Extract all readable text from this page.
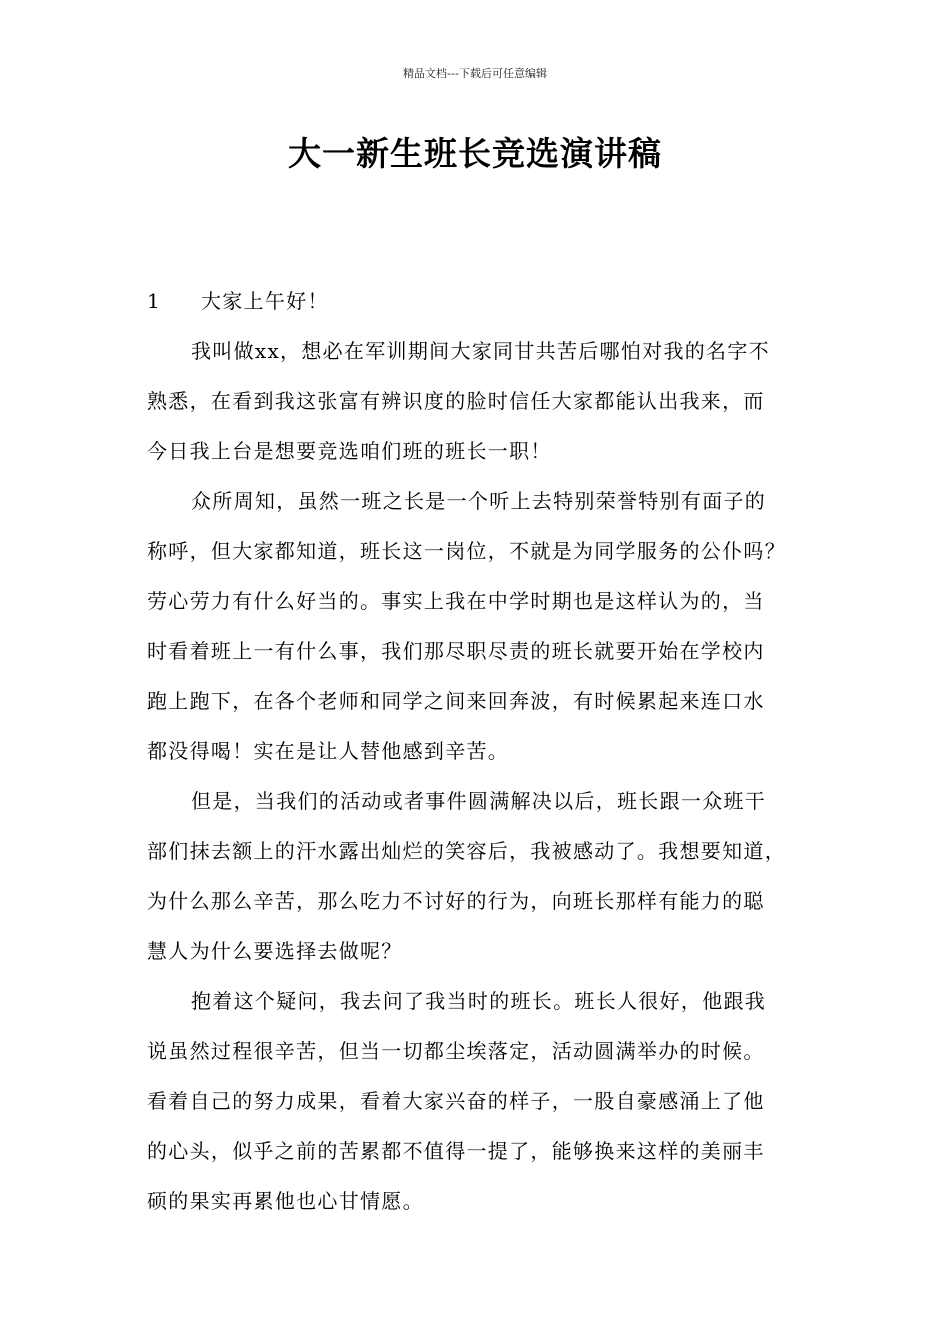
精品文档---下载后可任意编辑
大一新生班长竞选演讲稿

1 大家上午好！

我叫做xx，想必在军训期间大家同甘共苦后哪怕对我的名字不

熟悉，在看到我这张富有辨识度的脸时信任大家都能认出我来，而

今日我上台是想要竞选咱们班的班长一职！

众所周知，虽然一班之长是一个听上去特别荣誉特别有面子的

称呼，但大家都知道，班长这一岗位，不就是为同学服务的公仆吗？

劳心劳力有什么好当的。事实上我在中学时期也是这样认为的，当

时看着班上一有什么事，我们那尽职尽责的班长就要开始在学校内

跑上跑下，在各个老师和同学之间来回奔波，有时候累起来连口水

都没得喝！实在是让人替他感到辛苦。

但是，当我们的活动或者事件圆满解决以后，班长跟一众班干

部们抹去额上的汗水露出灿烂的笑容后，我被感动了。我想要知道，

为什么那么辛苦，那么吃力不讨好的行为，向班长那样有能力的聪

慧人为什么要选择去做呢？

抱着这个疑问，我去问了我当时的班长。班长人很好，他跟我

说虽然过程很辛苦，但当一切都尘埃落定，活动圆满举办的时候。

看着自己的努力成果，看着大家兴奋的样子，一股自豪感涌上了他

的心头，似乎之前的苦累都不值得一提了，能够换来这样的美丽丰

硕的果实再累他也心甘情愿。
